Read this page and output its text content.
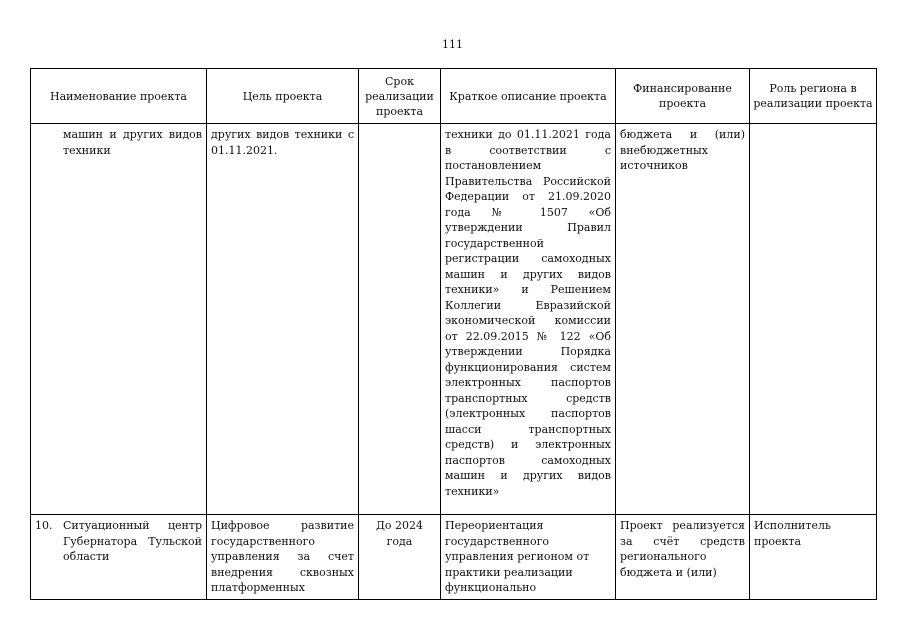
111
Наименование проекта	Цель проекта	Срок реализации проекта	Краткое описание проекта	Финансированне проекта	Роль региона в реализации проекта

машин и других видов техники	других видов техники с 01.11.2021.		техники до 01.11.2021 года в соответствии с постановлением Правительства Российской Федерации от 21.09.2020 года № 1507 «Об утверждении Правил государственной регистрации самоходных машин и других видов техники» и Решением Коллегии Евразийской экономической комиссии от 22.09.2015 № 122 «Об утверждении Порядка функционирования систем электронных паспортов транспортных средств (электронных паспортов шасси транспортных средств) и электронных паспортов самоходных машин и других видов техники»	бюджета и (или) внебюджетных источников	

10. Ситуационный центр Губернатора Тульской области	Цифровое развитие государственного управления за счет внедрения сквозных платформенных	До 2024 года	Переориентация государственного управления регионом от практики реализации функционально	Проект реализуется за счёт средств регионального бюджета и (или)	Исполнитель проекта
